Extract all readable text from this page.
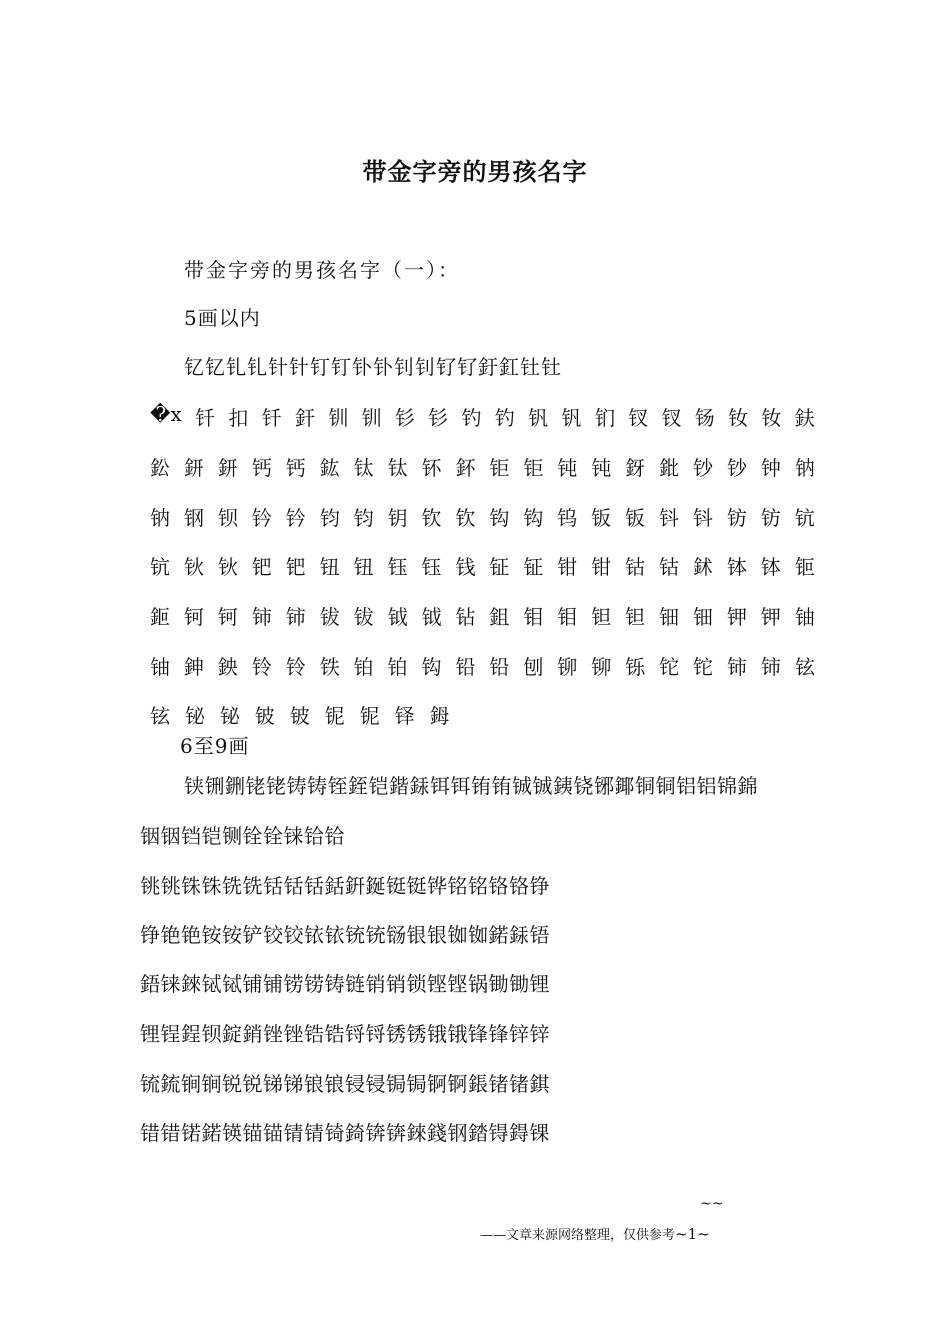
带金字旁的男孩名字
带金字旁的男孩名字（一）：
5画以内
钇钇钆钆针针钉钉钋钋钊钊钌钌釪釭钍钍
�x 钎 扣 钎 釬 钏 钏 钐 钐 钓 钓 钒 钒 钔 钗 钗 钖 钕 钕 鈇
鈆 鈃 鈃 钙 钙 鈜 钛 钛 钚 鈈 钜 钜 钝 钝 釾 鈚 钞 钞 钟 钠
钠 钢 钡 钤 钤 钧 钧 钥 钦 钦 钩 钩 钨 钣 钣 钭 钭 钫 钫 钪
钪 钬 钬 钯 钯 钮 钮 钰 钰 钱 钲 钲 钳 钳 钴 钴 鉥 钵 钵 钷
鉕 钶 钶 铈 铈 钹 钹 钺 钺 钻 鉏 钼 钼 钽 钽 钿 钿 钾 钾 铀
铀 鉮 鉠 铃 铃 铁 铂 铂 钩 铅 铅 刨 铆 铆 铄 铊 铊 铈 铈 铉
铉 铋 铋 铍 铍 铌 铌 铎 鉧
6至9画
铗铏鉶铑铑铸铸铚銍铠鍇銾铒铒铕铕铖铖銕铙铘鎁铜铜铝铝锦錦
铟铟铛铠铡铨铨铼铪铪
铫铫铢铢铣铣铦铦铦銛銒鋋铤铤铧铭铭铬铬铮
铮铯铯铵铵铲铰铰铱铱铳铳铴银银铷铷鍩銾铻
鋙铼錸铽铽铺铺铹铹铸链销销锁铿铿锅锄锄锂
锂锃鋥钡錠銷锉锉锆锆锊锊锈锈锇锇锋锋锌锌
锍鋶锏锏锐锐锑锑锒锒锓锓锔锔锕锕鋹锗锗錤
错错锘鍩锳锚锚锖锖锜錡锛锛錸錢钢錔锝鍀锞
~~
——文章来源网络整理，仅供参考~1~
